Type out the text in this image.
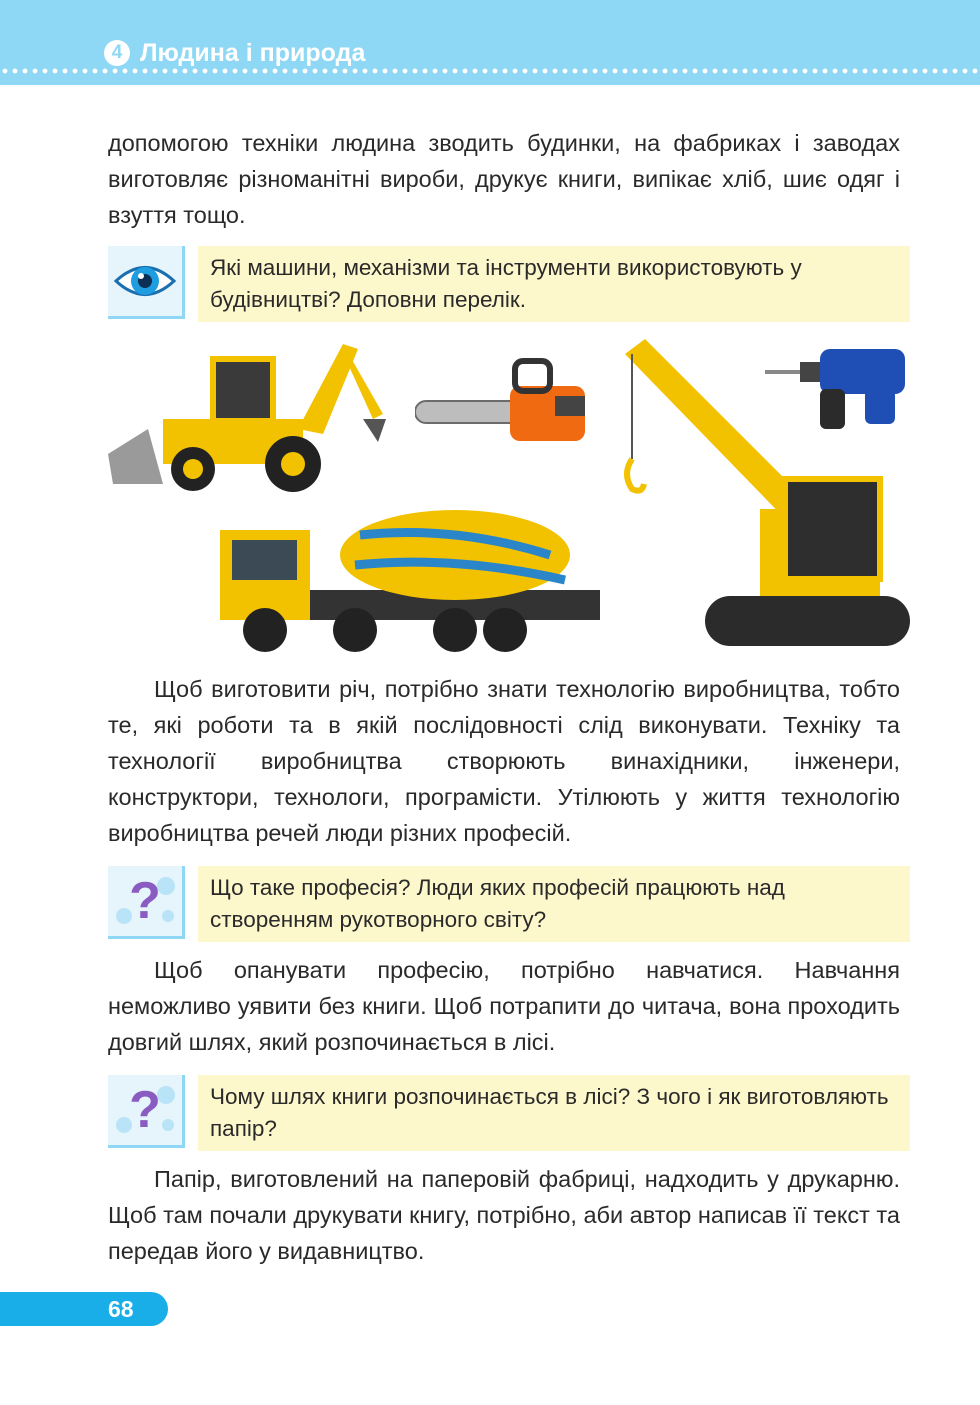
4 Людина і природа

допомогою техніки людина зводить будинки, на фабриках і заводах виготовляє різноманітні вироби, друкує книги, випікає хліб, шиє одяг і взуття тощо.

Які машини, механізми та інструменти використовують у будівництві? Доповни перелік.

Щоб виготовити річ, потрібно знати технологію виробництва, тобто те, які роботи та в якій послідовності слід виконувати. Техніку та технології виробництва створюють винахідники, інженери, конструктори, технологи, програмісти. Утілюють у життя технологію виробництва речей люди різних професій.

?	Що таке професія? Люди яких професій працюють над створенням рукотворного світу?

Щоб опанувати професію, потрібно навчатися. Навчання неможливо уявити без книги. Щоб потрапити до читача, вона проходить довгий шлях, який розпочинається в лісі.

?	Чому шлях книги розпочинається в лісі? З чого і як виготовляють папір?

Папір, виготовлений на паперовій фабриці, надходить у друкарню. Щоб там почали друкувати книгу, потрібно, аби автор написав її текст та передав його у видавництво.

68
